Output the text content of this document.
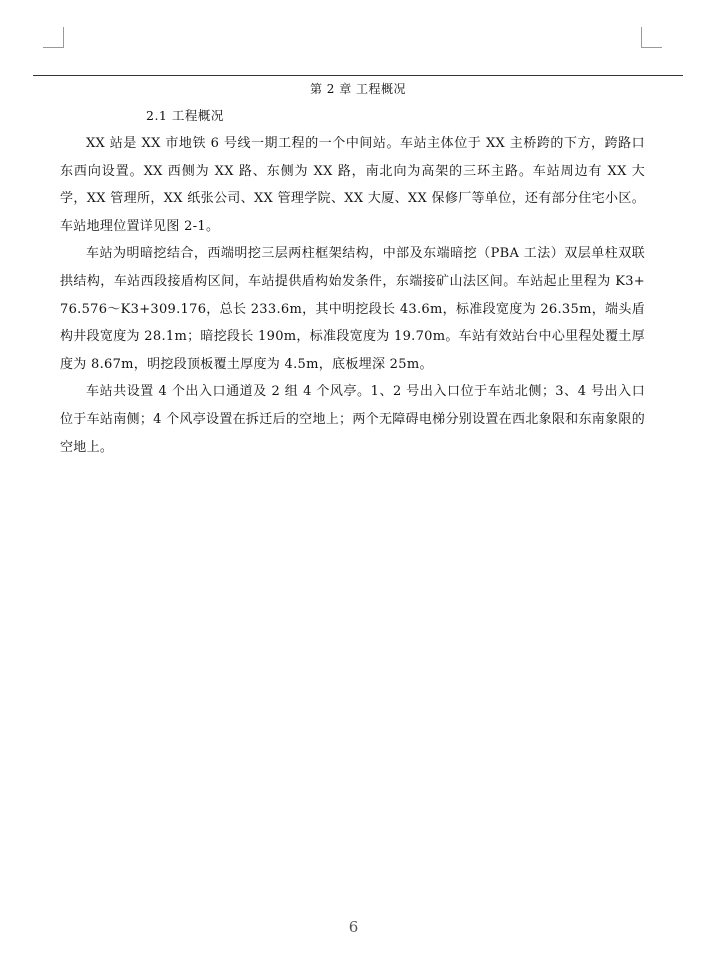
第 2 章 工程概况

2.1 工程概况

XX 站是 XX 市地铁 6 号线一期工程的一个中间站。车站主体位于 XX 主桥跨的下方，跨路口东西向设置。XX 西侧为 XX 路、东侧为 XX 路，南北向为高架的三环主路。车站周边有 XX 大学，XX 管理所，XX 纸张公司、XX 管理学院、XX 大厦、XX 保修厂等单位，还有部分住宅小区。车站地理位置详见图 2-1。

车站为明暗挖结合，西端明挖三层两柱框架结构，中部及东端暗挖（PBA 工法）双层单柱双联拱结构，车站西段接盾构区间，车站提供盾构始发条件，东端接矿山法区间。车站起止里程为 K3+76.576～K3+309.176，总长 233.6m，其中明挖段长 43.6m，标准段宽度为 26.35m，端头盾构井段宽度为 28.1m；暗挖段长 190m，标准段宽度为 19.70m。车站有效站台中心里程处覆土厚度为 8.67m，明挖段顶板覆土厚度为 4.5m，底板埋深 25m。

车站共设置 4 个出入口通道及 2 组 4 个风亭。1、2 号出入口位于车站北侧；3、4 号出入口位于车站南侧；4 个风亭设置在拆迁后的空地上；两个无障碍电梯分别设置在西北象限和东南象限的空地上。

6
